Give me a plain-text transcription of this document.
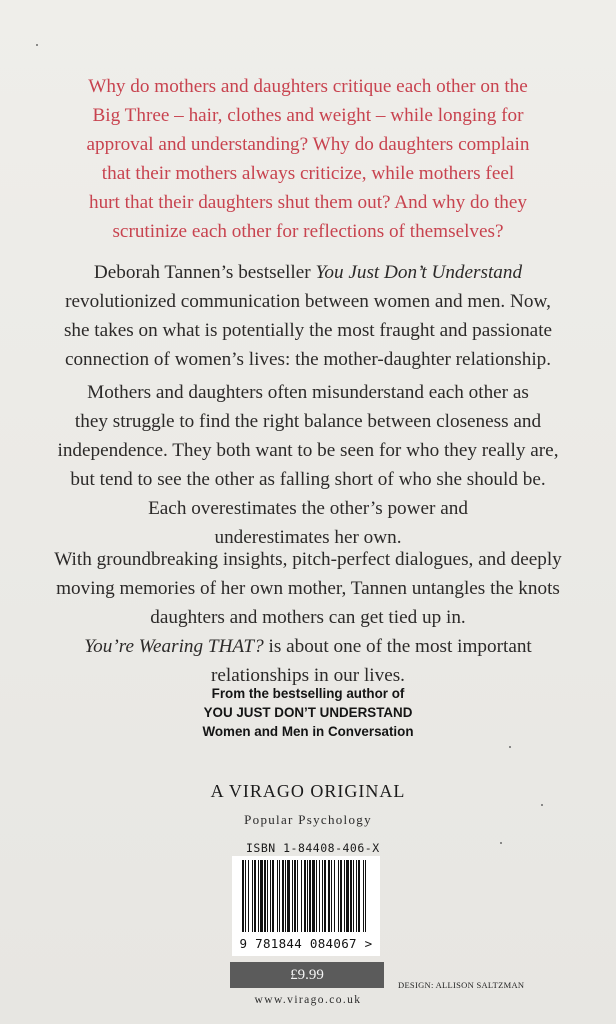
Why do mothers and daughters critique each other on the
Big Three – hair, clothes and weight – while longing for
approval and understanding? Why do daughters complain
that their mothers always criticize, while mothers feel
hurt that their daughters shut them out? And why do they
scrutinize each other for reflections of themselves?

Deborah Tannen’s bestseller You Just Don’t Understand
revolutionized communication between women and men. Now,
she takes on what is potentially the most fraught and passionate
connection of women’s lives: the mother-daughter relationship.

Mothers and daughters often misunderstand each other as
they struggle to find the right balance between closeness and
independence. They both want to be seen for who they really are,
but tend to see the other as falling short of who she should be.
Each overestimates the other’s power and
underestimates her own.

With groundbreaking insights, pitch-perfect dialogues, and deeply
moving memories of her own mother, Tannen untangles the knots
daughters and mothers can get tied up in.
You’re Wearing THAT? is about one of the most important
relationships in our lives.

From the bestselling author of
YOU JUST DON’T UNDERSTAND
Women and Men in Conversation
A VIRAGO ORIGINAL
Popular Psychology
ISBN 1-84408-406-X
9 781844 084067 >
£9.99
www.virago.co.uk
DESIGN: ALLISON SALTZMAN
